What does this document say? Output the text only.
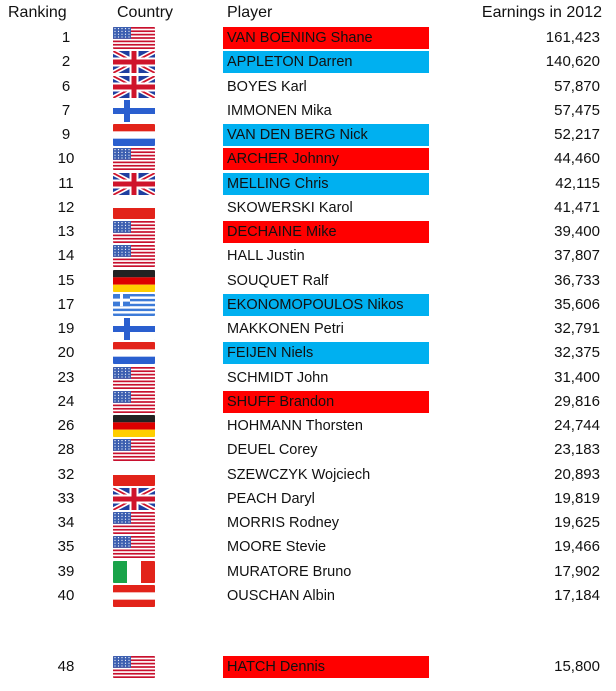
Ranking	Country	Player	Earnings in 2012
1	VAN BOENING Shane	161,423
2	APPLETON Darren	140,620
6	BOYES Karl	57,870
7	IMMONEN Mika	57,475
9	VAN DEN BERG Nick	52,217
10	ARCHER Johnny	44,460
11	MELLING Chris	42,115
12	SKOWERSKI Karol	41,471
13	DECHAINE Mike	39,400
14	HALL Justin	37,807
15	SOUQUET Ralf	36,733
17	EKONOMOPOULOS Nikos	35,606
19	MAKKONEN Petri	32,791
20	FEIJEN Niels	32,375
23	SCHMIDT John	31,400
24	SHUFF Brandon	29,816
26	HOHMANN Thorsten	24,744
28	DEUEL Corey	23,183
32	SZEWCZYK Wojciech	20,893
33	PEACH Daryl	19,819
34	MORRIS Rodney	19,625
35	MOORE Stevie	19,466
39	MURATORE Bruno	17,902
40	OUSCHAN Albin	17,184
48	HATCH Dennis	15,800
